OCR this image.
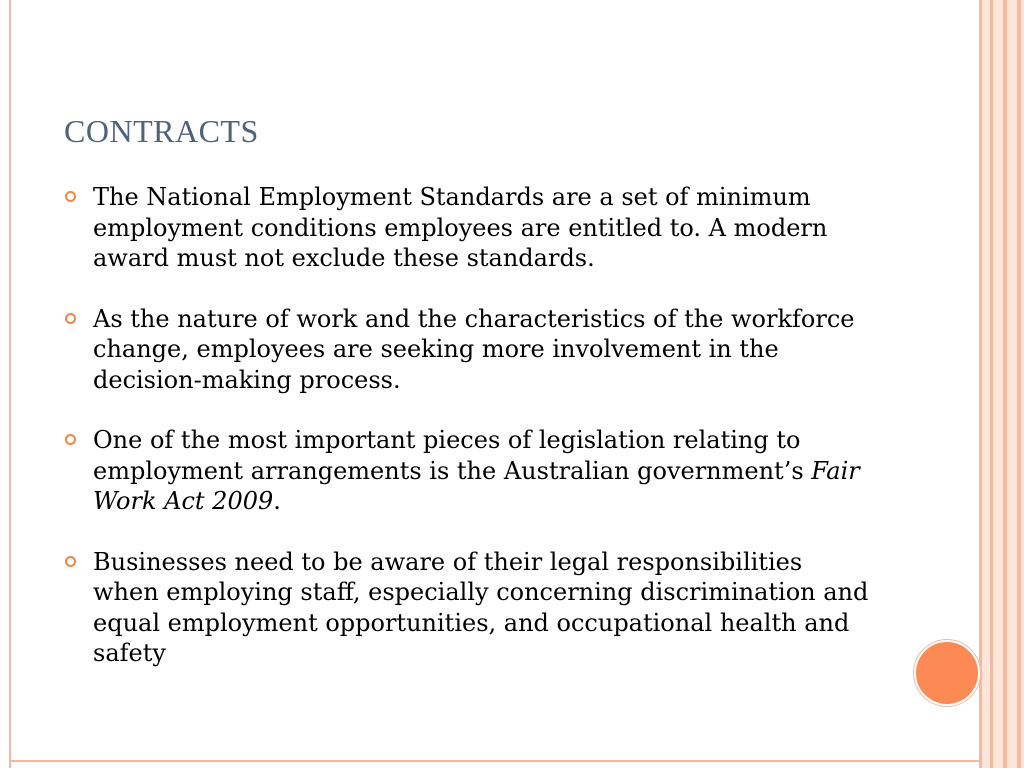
CONTRACTS
The National Employment Standards are a set of minimum employment conditions employees are entitled to. A modern award must not exclude these standards.
As the nature of work and the characteristics of the workforce change, employees are seeking more involvement in the decision-making process.
One of the most important pieces of legislation relating to employment arrangements is the Australian government’s Fair Work Act 2009.
Businesses need to be aware of their legal responsibilities when employing staff, especially concerning discrimination and equal employment opportunities, and occupational health and safety
